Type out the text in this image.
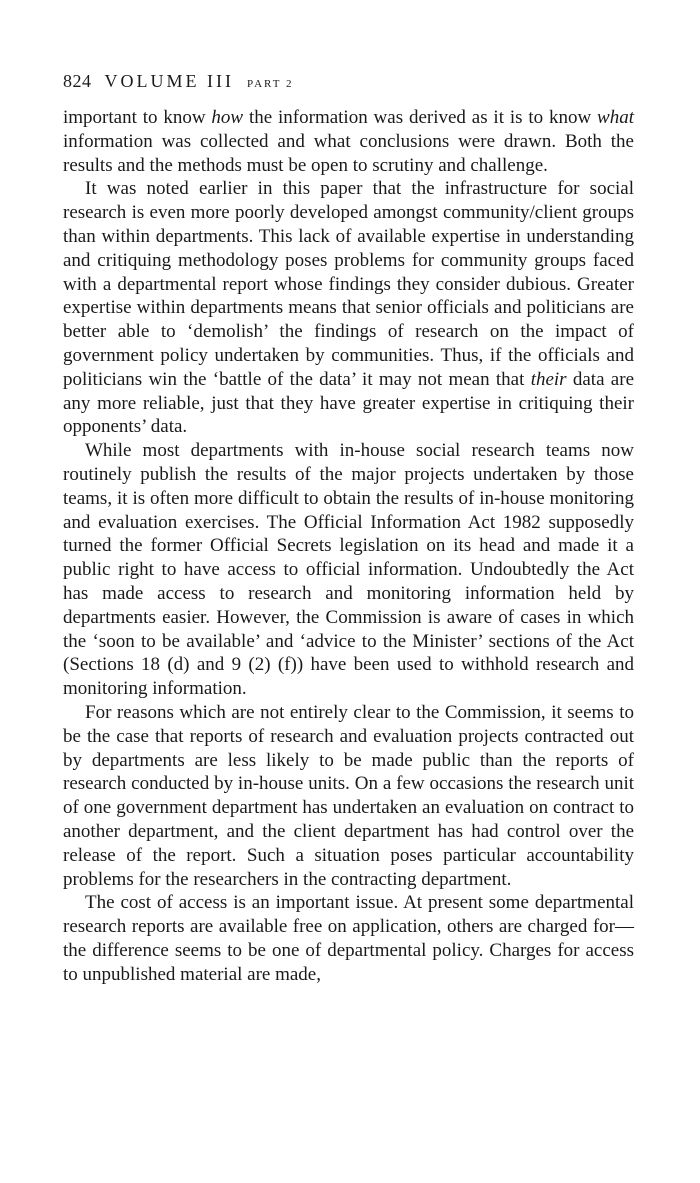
824 VOLUME III PART 2

important to know how the information was derived as it is to know what information was collected and what conclusions were drawn. Both the results and the methods must be open to scrutiny and challenge.

It was noted earlier in this paper that the infrastructure for social research is even more poorly developed amongst community/client groups than within departments. This lack of available expertise in understanding and critiquing methodology poses problems for community groups faced with a departmental report whose findings they consider dubious. Greater expertise within departments means that senior officials and politicians are better able to ‘demolish’ the findings of research on the impact of government policy undertaken by communities. Thus, if the officials and politicians win the ‘battle of the data’ it may not mean that their data are any more reliable, just that they have greater expertise in critiquing their opponents’ data.

While most departments with in-house social research teams now routinely publish the results of the major projects undertaken by those teams, it is often more difficult to obtain the results of in-house monitoring and evaluation exercises. The Official Information Act 1982 supposedly turned the former Official Secrets legislation on its head and made it a public right to have access to official information. Undoubtedly the Act has made access to research and monitoring information held by departments easier. However, the Commission is aware of cases in which the ‘soon to be available’ and ‘advice to the Minister’ sections of the Act (Sections 18 (d) and 9 (2) (f)) have been used to withhold research and monitoring information.

For reasons which are not entirely clear to the Commission, it seems to be the case that reports of research and evaluation projects contracted out by departments are less likely to be made public than the reports of research conducted by in-house units. On a few occasions the research unit of one government department has undertaken an evaluation on contract to another department, and the client department has had control over the release of the report. Such a situation poses particular accountability problems for the researchers in the contracting department.

The cost of access is an important issue. At present some departmental research reports are available free on application, others are charged for—the difference seems to be one of departmental policy. Charges for access to unpublished material are made,
